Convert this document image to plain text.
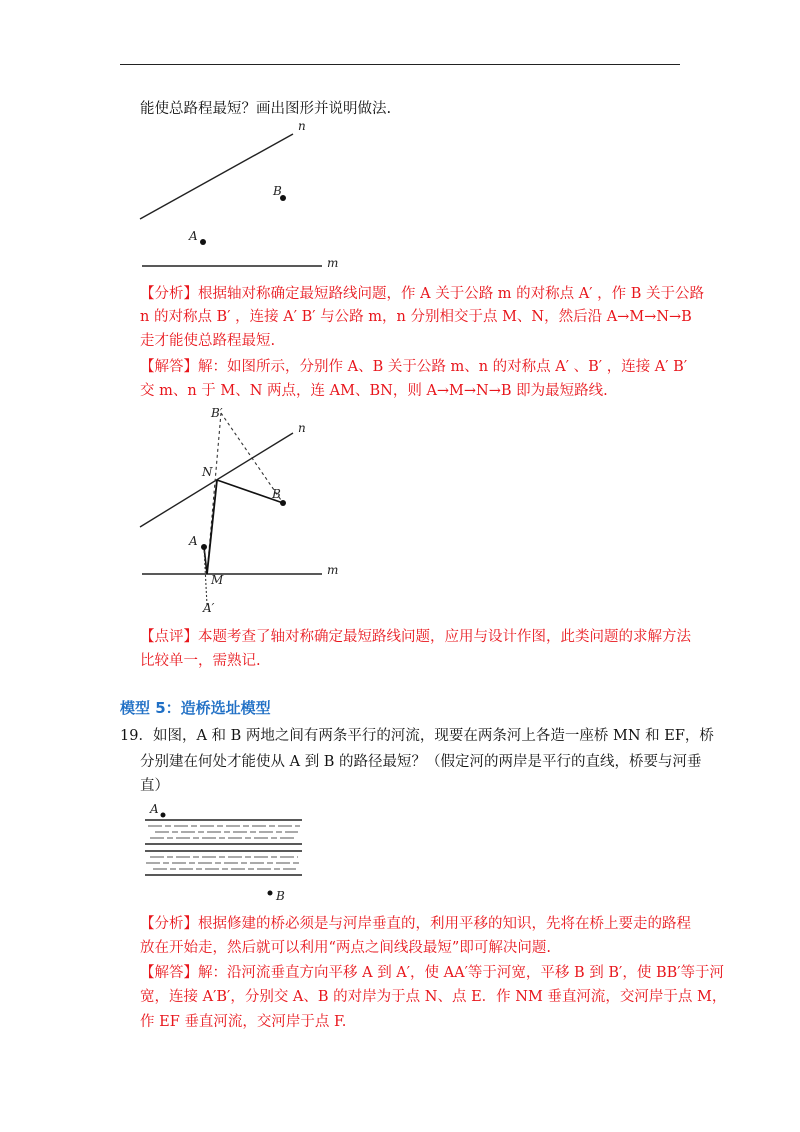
能使总路程最短？画出图形并说明做法.
n
m
B
A
【分析】根据轴对称确定最短路线问题，作 A 关于公路 m 的对称点 A′ ，作 B 关于公路
n 的对称点 B′ ，连接 A′ B′ 与公路 m，n 分别相交于点 M、N，然后沿 A→M→N→B
走才能使总路程最短.
【解答】解：如图所示，分别作 A、B 关于公路 m、n 的对称点 A′ 、B′ ，连接 A′ B′
交 m、n 于 M、N 两点，连 AM、BN，则 A→M→N→B 即为最短路线.
B′
n
N
B
A
M
m
A′
【点评】本题考查了轴对称确定最短路线问题，应用与设计作图，此类问题的求解方法
比较单一，需熟记.
模型 5：造桥选址模型
19．如图，A 和 B 两地之间有两条平行的河流，现要在两条河上各造一座桥 MN 和 EF，桥
分别建在何处才能使从 A 到 B 的路径最短？（假定河的两岸是平行的直线，桥要与河垂
直）
A
B
【分析】根据修建的桥必须是与河岸垂直的，利用平移的知识，先将在桥上要走的路程
放在开始走，然后就可以利用“两点之间线段最短”即可解决问题.
【解答】解：沿河流垂直方向平移 A 到 A′，使 AA′等于河宽，平移 B 到 B′，使 BB′等于河
宽，连接 A′B′，分别交 A、B 的对岸为于点 N、点 E．作 NM 垂直河流，交河岸于点 M，
作 EF 垂直河流，交河岸于点 F.
